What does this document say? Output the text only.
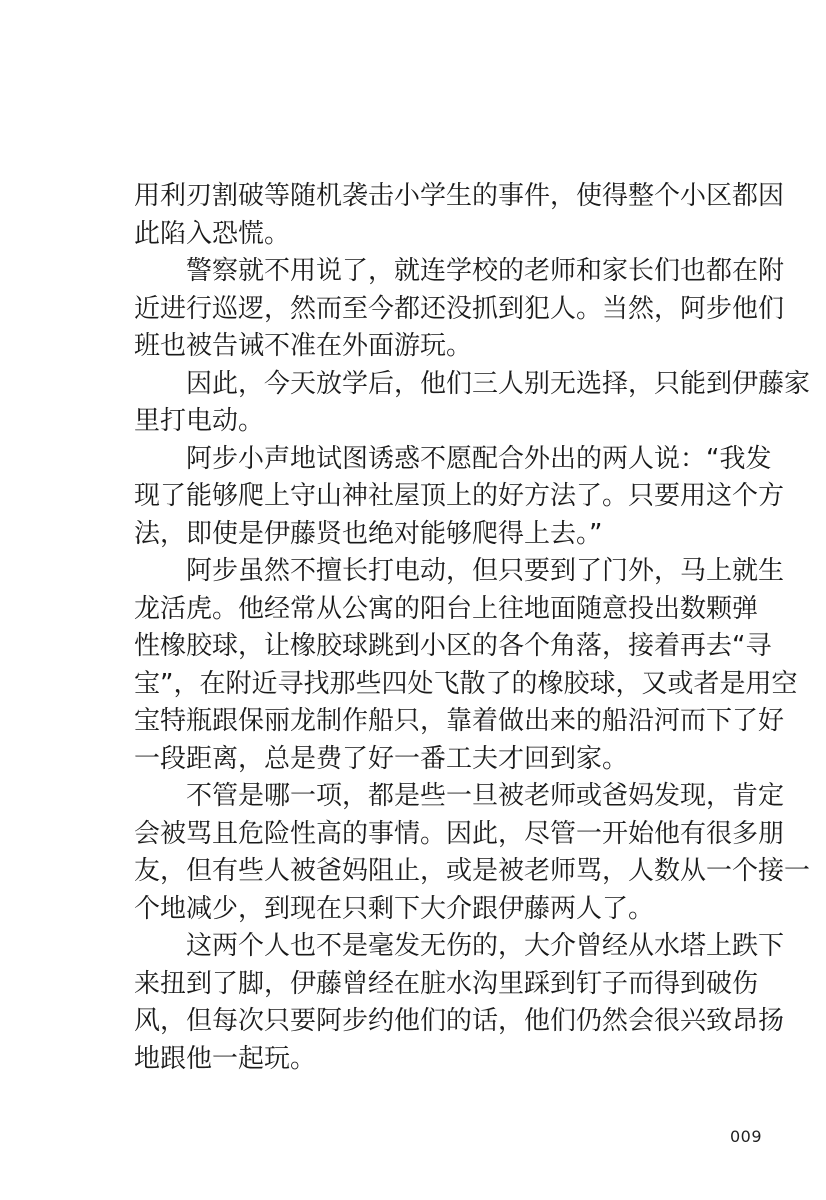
用利刃割破等随机袭击小学生的事件，使得整个小区都因
此陷入恐慌。

警察就不用说了，就连学校的老师和家长们也都在附
近进行巡逻，然而至今都还没抓到犯人。当然，阿步他们
班也被告诫不准在外面游玩。

因此，今天放学后，他们三人别无选择，只能到伊藤家
里打电动。

阿步小声地试图诱惑不愿配合外出的两人说：“我发
现了能够爬上守山神社屋顶上的好方法了。只要用这个方
法，即使是伊藤贤也绝对能够爬得上去。”

阿步虽然不擅长打电动，但只要到了门外，马上就生
龙活虎。他经常从公寓的阳台上往地面随意投出数颗弹
性橡胶球，让橡胶球跳到小区的各个角落，接着再去“寻
宝”，在附近寻找那些四处飞散了的橡胶球，又或者是用空
宝特瓶跟保丽龙制作船只，靠着做出来的船沿河而下了好
一段距离，总是费了好一番工夫才回到家。

不管是哪一项，都是些一旦被老师或爸妈发现，肯定
会被骂且危险性高的事情。因此，尽管一开始他有很多朋
友，但有些人被爸妈阻止，或是被老师骂，人数从一个接一
个地减少，到现在只剩下大介跟伊藤两人了。

这两个人也不是毫发无伤的，大介曾经从水塔上跌下
来扭到了脚，伊藤曾经在脏水沟里踩到钉子而得到破伤
风，但每次只要阿步约他们的话，他们仍然会很兴致昂扬
地跟他一起玩。

009
